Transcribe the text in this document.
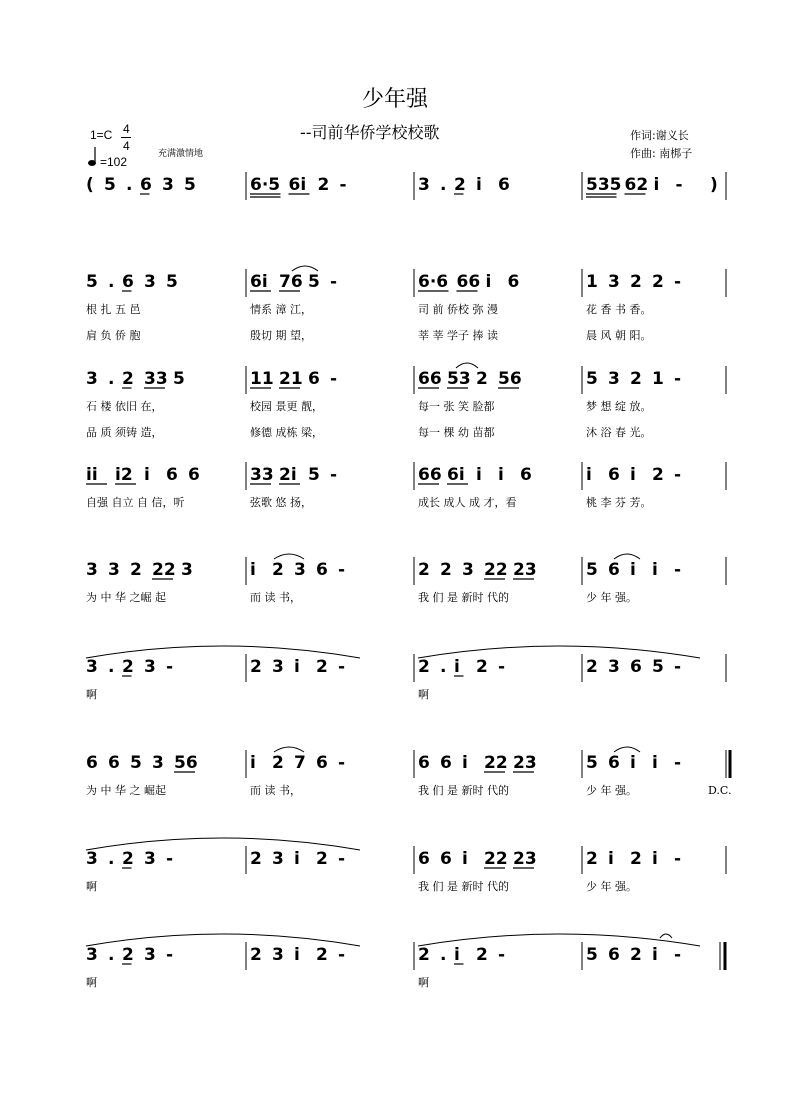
少年强
--司前华侨学校校歌	作词:谢义长
作曲: 南梆子
1=C 4
4
=102
充满激情地
( 5 . 6 3 5	6·5 6i 2 -	3 . 2 i 6	535 62 i - )
5 . 6 3 5
根 扎 五 邑
肩 负 侨 胞
6i 76 5 -
情系 漳 江，
殷切 期 望，
6·6 66 i 6
司 前 侨校 弥 漫
莘 莘 学子 捧 读
1 3 2 2 -
花 香 书 香。
晨 风 朝 阳。
3 . 2 33 5
石 楼 依旧 在，
品 质 须铸 造，
11 21 6 -
校园 景更 靓，
修德 成栋 梁，
66 53 2 56
每一 张 笑 脸都
每一 棵 幼 苗都
5 3 2 1 -
梦 想 绽 放。
沐 浴 春 光。
ii i2 i 6 6
自强 自立 自 信，听
33 2i 5 -
弦歌 悠 扬，
66 6i i i 6
成长 成人 成 才，看
i 6 i 2 -
桃 李 芬 芳。
3 3 2 22 3
为 中 华 之崛 起
i 2 3 6 -
而 读 书，
2 2 3 22 23
我 们 是 新时 代的
5 6 i i -
少 年 强。
3 . 2 3 -
啊
2 3 i 2 -	2 . i 2 -
啊
2 3 6 5 -
6 6 5 3 56
为 中 华 之 崛起
i 2 7 6 -
而 读 书，
6 6 i 22 23
我 们 是 新时 代的
5 6 i i -
少 年 强。	D.C.
3 . 2 3 -
啊
2 3 i 2 -	6 6 i 22 23
我 们 是 新时 代的
2 i 2 i -
少 年 强。
3 . 2 3 -
啊
2 3 i 2 -	2 . i 2 -
啊
5 6 2 i -
